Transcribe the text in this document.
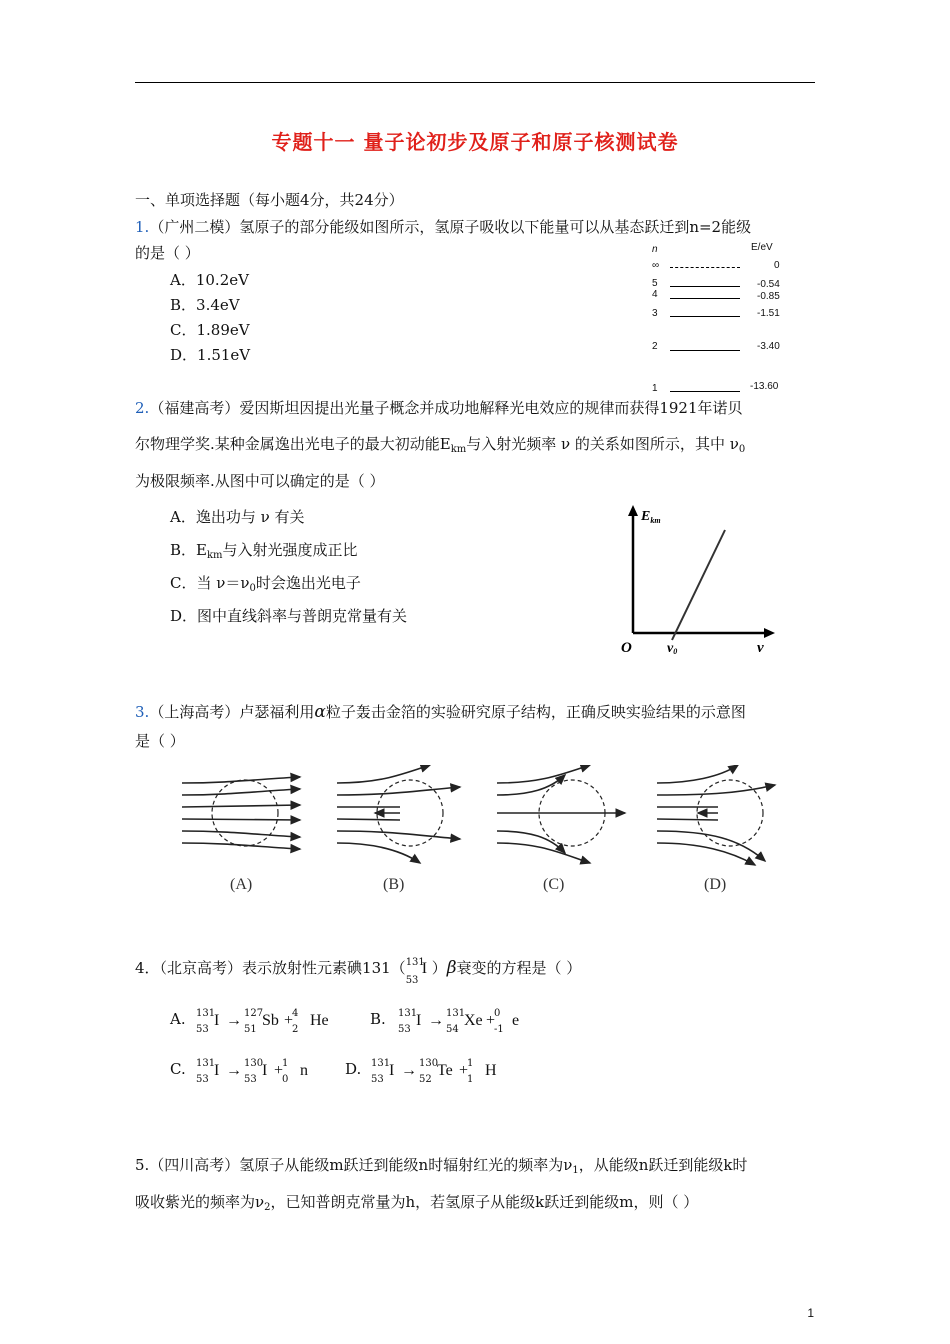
专题十一 量子论初步及原子和原子核测试卷
一、单项选择题（每小题4分，共24分）
1.（广州二模）氢原子的部分能级如图所示，氢原子吸收以下能量可以从基态跃迁到n=2能级
的是（ ）
A．10.2eV
B．3.4eV
C．1.89eV
D．1.51eV
n	E/eV
∞	0
5	-0.54
4	-0.85
3	-1.51
2	-3.40
1	-13.60
2.（福建高考）爱因斯坦因提出光量子概念并成功地解释光电效应的规律而获得1921年诺贝
尔物理学奖.某种金属逸出光电子的最大初动能$E_{km}$与入射光频率 ν 的关系如图所示，其中 $\nu_0$
为极限频率.从图中可以确定的是（ ）
A．逸出功与 ν 有关
B．$E_{km}$与入射光强度成正比
C．当 $\nu=\nu_0$时会逸出光电子
D．图中直线斜率与普朗克常量有关
$E_{km}$
O	ν0	ν
3.（上海高考）卢瑟福利用α粒子轰击金箔的实验研究原子结构，正确反映实验结果的示意图
是（ ）
(A)	(B)	(C)	(D)
4．（北京高考）表示放射性元素碘131（ 131
53
I ）β衰变的方程是（ ）
A. 131
53
I → 127
51
Sb +
4
2
He	B. 131
53
I → 131
54
Xe +
0
-1
e
C. 131
53
I → 130
53
I +
1
0
n D. 131
53
I → 130
52
Te +
1
1
H
5.（四川高考）氢原子从能级m跃迁到能级n时辐射红光的频率为$\nu_1$，从能级n跃迁到能级k时
吸收紫光的频率为$\nu_2$，已知普朗克常量为h，若氢原子从能级k跃迁到能级m，则（ ）
1
